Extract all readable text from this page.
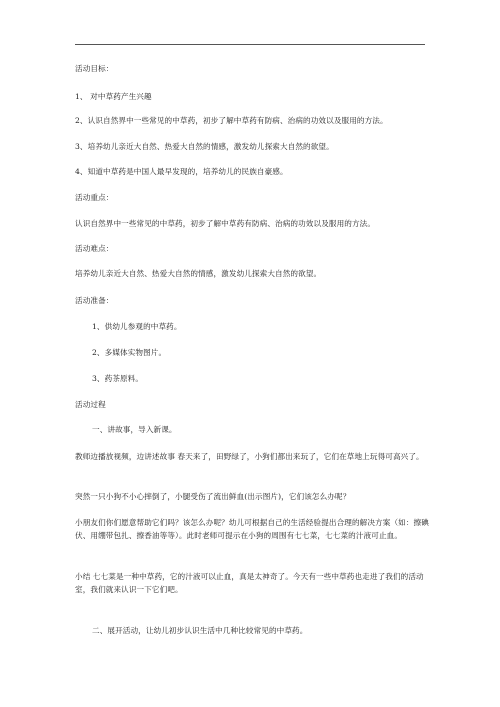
活动目标：
1、 对中草药产生兴趣
2、认识自然界中一些常见的中草药，初步了解中草药有防病、治病的功效以及服用的方法。
3、培养幼儿亲近大自然、热爱大自然的情感，激发幼儿探索大自然的欲望。
4、知道中草药是中国人最早发现的，培养幼儿的民族自豪感。
活动重点：
认识自然界中一些常见的中草药，初步了解中草药有防病、治病的功效以及服用的方法。
活动难点：
培养幼儿亲近大自然、热爱大自然的情感，激发幼儿探索大自然的欲望。
活动准备：
1、供幼儿参观的中草药。
2、多媒体实物图片。
3、药茶原料。
活动过程
一、讲故事，导入新课。
教师边播放视频，边讲述故事 春天来了，田野绿了，小狗们都出来玩了，它们在草地上玩得可高兴了。
突然一只小狗不小心摔倒了，小腿受伤了流出鲜血(出示图片)，它们该怎么办呢？
小朋友们你们愿意帮助它们吗？该怎么办呢？幼儿可根据自己的生活经验提出合理的解决方案（如：擦碘伏、用绷带包扎、擦香油等等）。此时老师可提示在小狗的周围有七七菜，七七菜的汁液可止血。
小结 七七菜是一种中草药，它的汁液可以止血，真是太神奇了。今天有一些中草药也走进了我们的活动室，我们就来认识一下它们吧。
二、展开活动，让幼儿初步认识生活中几种比较常见的中草药。
